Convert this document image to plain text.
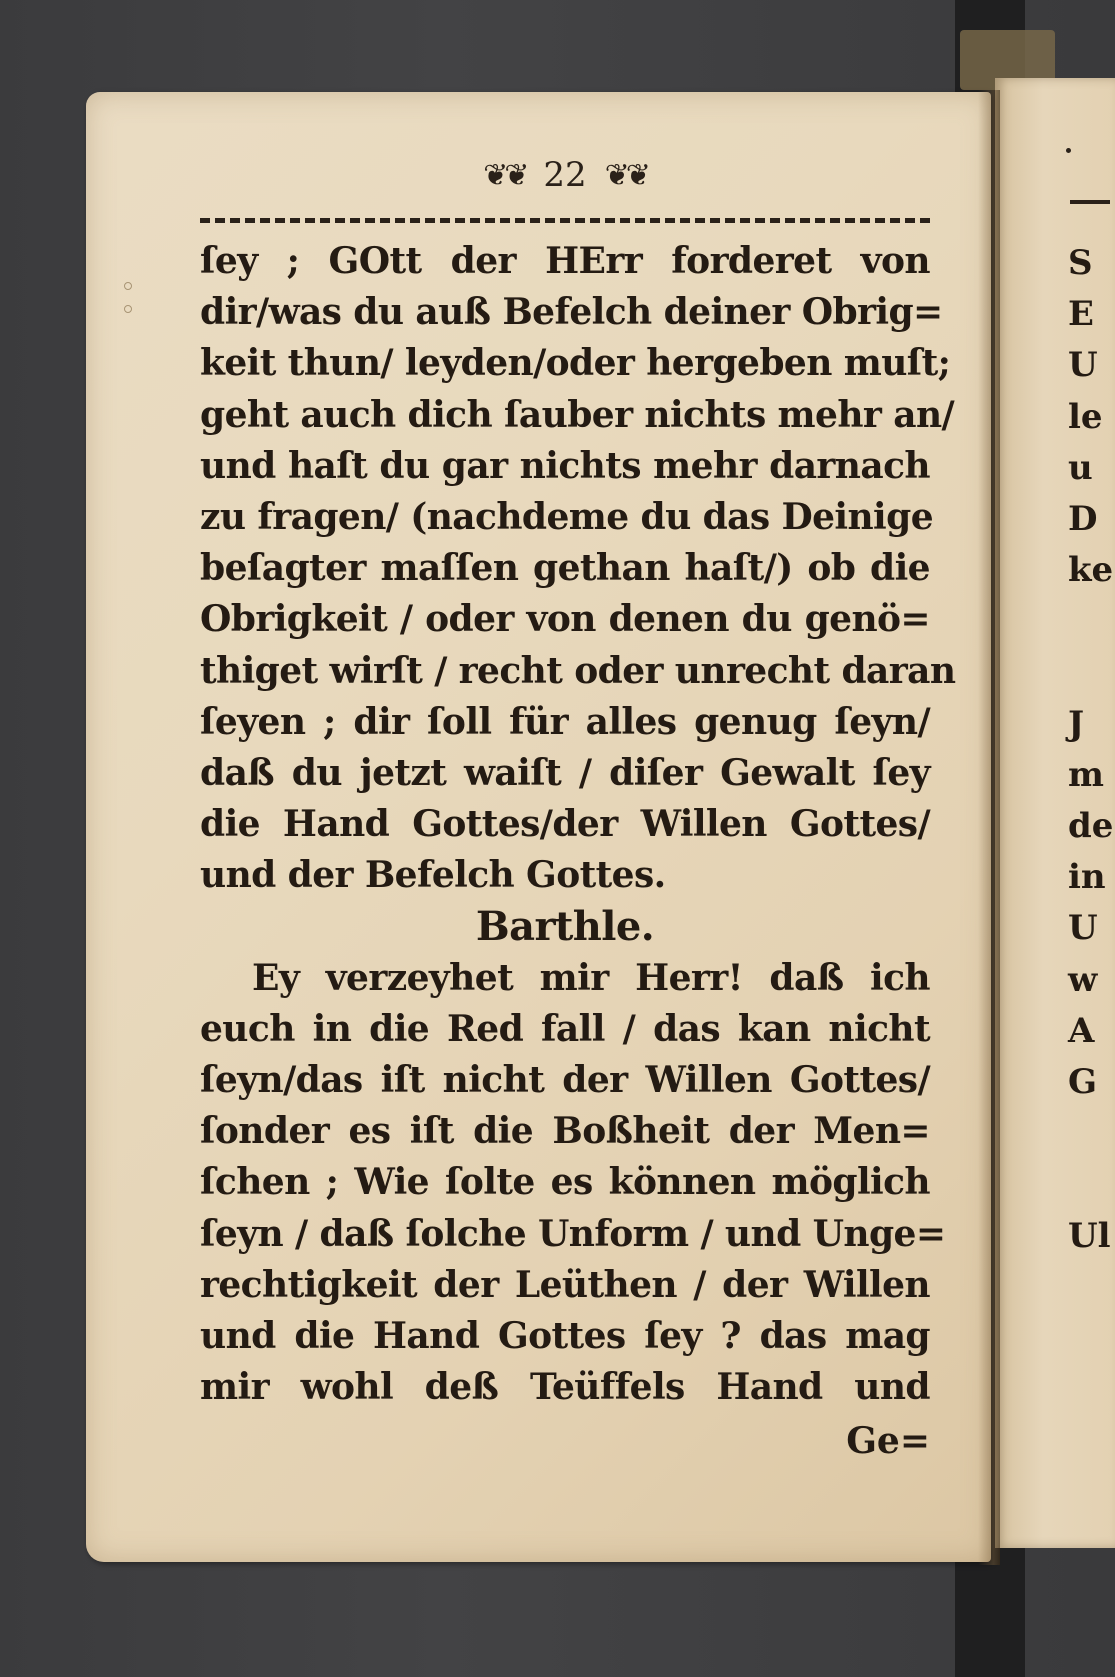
❦❦ 22 ❦❦
ſey ; GOtt der HErr forderet von
dir/was du auß Befelch deiner Obrig=
keit thun/ leyden/oder hergeben muſt;
geht auch dich ſauber nichts mehr an/
und haſt du gar nichts mehr darnach
zu fragen/ (nachdeme du das Deinige
beſagter maſſen gethan haſt/) ob die
Obrigkeit / oder von denen du genö=
thiget wirſt / recht oder unrecht daran
ſeyen ; dir ſoll für alles genug ſeyn/
daß du jetzt waiſt / diſer Gewalt ſey
die Hand Gottes/der Willen Gottes/
und der Befelch Gottes.
Barthle.
Ey verzeyhet mir Herr! daß ich
euch in die Red fall / das kan nicht
ſeyn/das iſt nicht der Willen Gottes/
ſonder es iſt die Boßheit der Men=
ſchen ; Wie ſolte es können möglich
ſeyn / daß ſolche Unform / und Unge=
rechtigkeit der Leüthen / der Willen
und die Hand Gottes ſey ? das mag
mir wohl deß Teüffels Hand und
Ge=
S
E
U
le
u
D
ke
J
m
de
in
U
w
A
G
Ul
